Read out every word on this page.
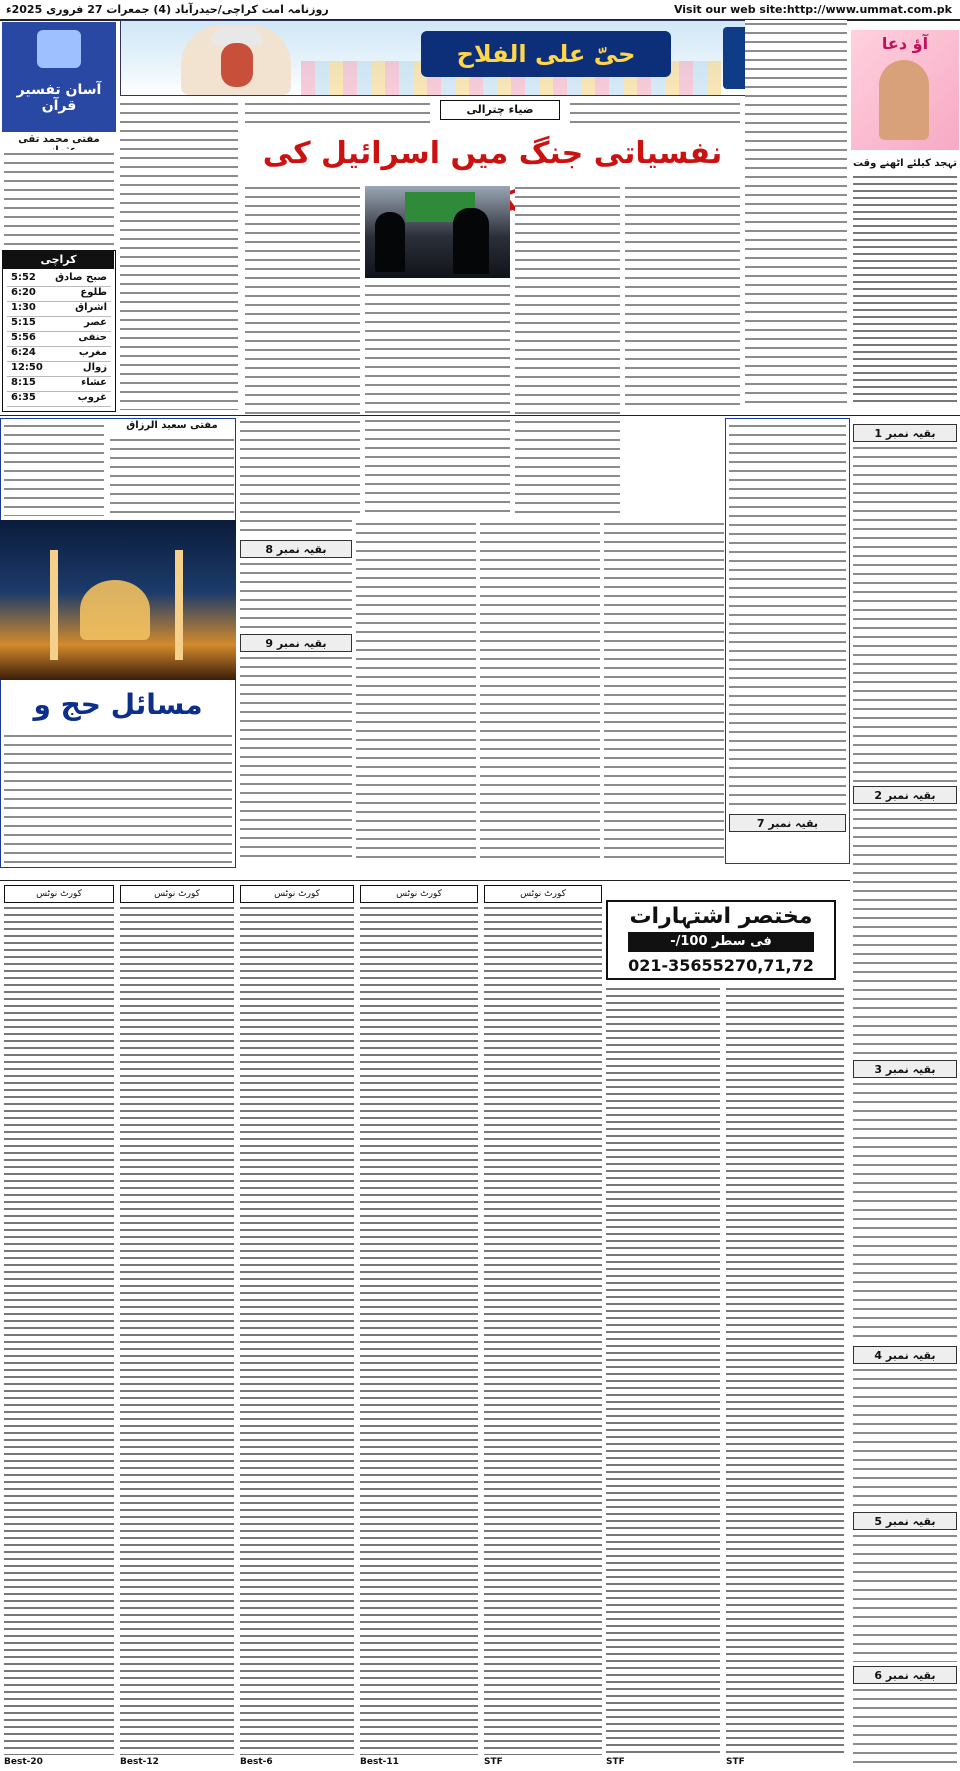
روزنامہ امت کراچی/حیدرآباد (4) جمعرات 27 فروری 2025ء	Visit our web site:http://www.ummat.com.pk
آسان تفسیر قرآن
مفتی محمد تقی
کراچی
5:52 صبح صادق
6:20	طلوع
1:30	اشراق
5:15	عصر
5:56	حنفی
6:24	مغرب
12:50	زوال
8:15	عشاء
6:35	غروب
حیّ علی الفلاح	آؤ دعا
تہجد کیلئے اٹھنے وقت
ضیاء چترالی
نفسیاتی جنگ میں اسرائیل کی
مفتی سعید الرزاق
مسائل حج و
بقیہ نمبر 8
بقیہ نمبر 9
بقیہ نمبر 7
بقیہ نمبر 1
بقیہ نمبر 2
بقیہ نمبر 3
بقیہ نمبر 4
بقیہ نمبر 5
بقیہ نمبر 6
مختصر اشتہارات
فی سطر 100/-
021-35655270,71,72
کورٹ نوٹس
Best-20
کورٹ نوٹس
Best-12
کورٹ نوٹس
Best-6
کورٹ نوٹس
Best-11
کورٹ نوٹس
STF	STF	STF
